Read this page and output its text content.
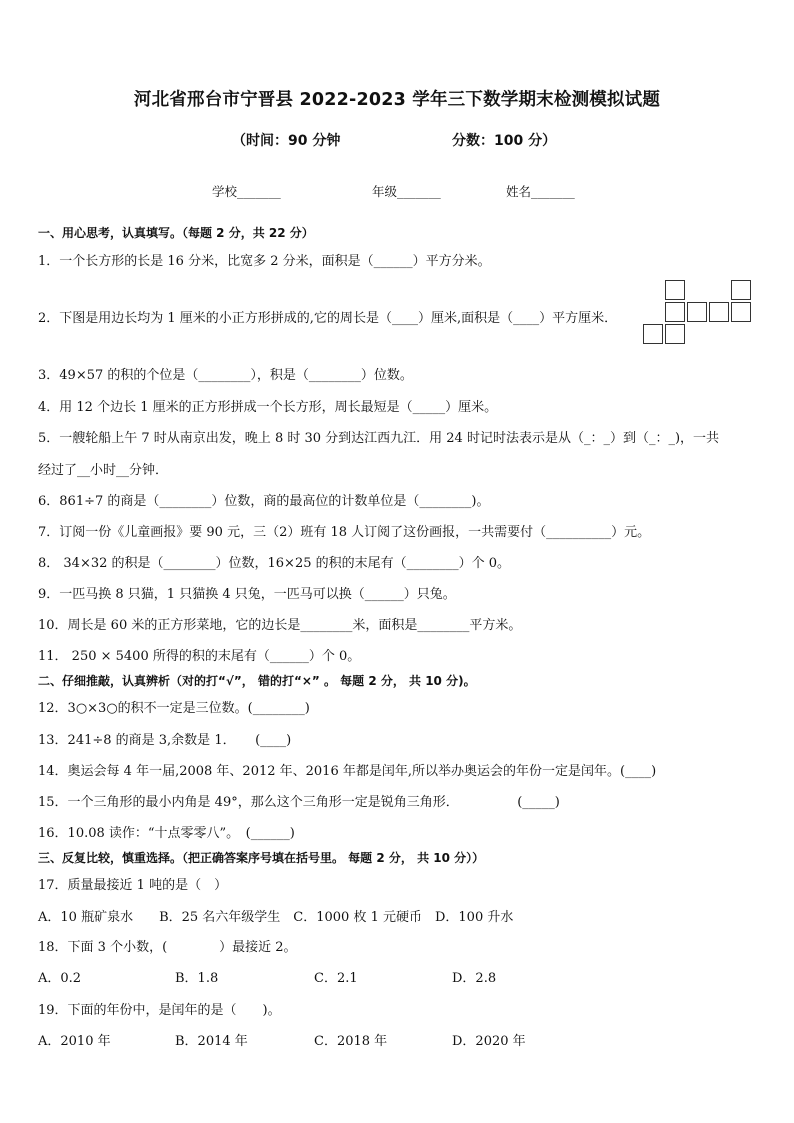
河北省邢台市宁晋县 2022-2023 学年三下数学期末检测模拟试题
（时间：90 分钟	分数：100 分）
学校_______	年级_______	姓名_______
一、用心思考，认真填写。（每题 2 分，共 22 分）
1．一个长方形的长是 16 分米，比宽多 2 分米，面积是（______）平方分米。
2．下图是用边长均为 1 厘米的小正方形拼成的,它的周长是（____）厘米,面积是（____）平方厘米．
3．49×57 的积的个位是（________），积是（________）位数。
4．用 12 个边长 1 厘米的正方形拼成一个长方形，周长最短是（_____）厘米。
5．一艘轮船上午 7 时从南京出发，晚上 8 时 30 分到达江西九江．用 24 时记时法表示是从（_：_）到（_：_)，一共
经过了__小时__分钟．
6．861÷7 的商是（________）位数，商的最高位的计数单位是（________)。
7．订阅一份《儿童画报》要 90 元，三（2）班有 18 人订阅了这份画报，一共需要付（__________）元。
8． 34×32 的积是（________）位数，16×25 的积的末尾有（________）个 0。
9．一匹马换 8 只猫，1 只猫换 4 只兔，一匹马可以换（______）只兔。
10．周长是 60 米的正方形菜地，它的边长是________米，面积是________平方米。
11． 250 × 5400 所得的积的末尾有（______）个 0。
二、仔细推敲，认真辨析（对的打“√”， 错的打“×” 。 每题 2 分， 共 10 分)。
12．3○×3○的积不一定是三位数。(________)
13．241÷8 的商是 3,余数是 1．　　(____)
14．奥运会每 4 年一届,2008 年、2012 年、2016 年都是闰年,所以举办奥运会的年份一定是闰年。(____)
15．一个三角形的最小内角是 49°，那么这个三角形一定是锐角三角形．　　　　　(_____)
16．10.08 读作：“十点零零八”。　(______)
三、反复比较，慎重选择。（把正确答案序号填在括号里。 每题 2 分， 共 10 分））
17．质量最接近 1 吨的是（　）
A．10 瓶矿泉水　　B．25 名六年级学生　C．1000 枚 1 元硬币　D．100 升水
18．下面 3 个小数，(　　　　）最接近 2。
A．0.2	B．1.8	C．2.1	D．2.8
19．下面的年份中，是闰年的是（　　)。
A．2010 年	B．2014 年	C．2018 年	D．2020 年
